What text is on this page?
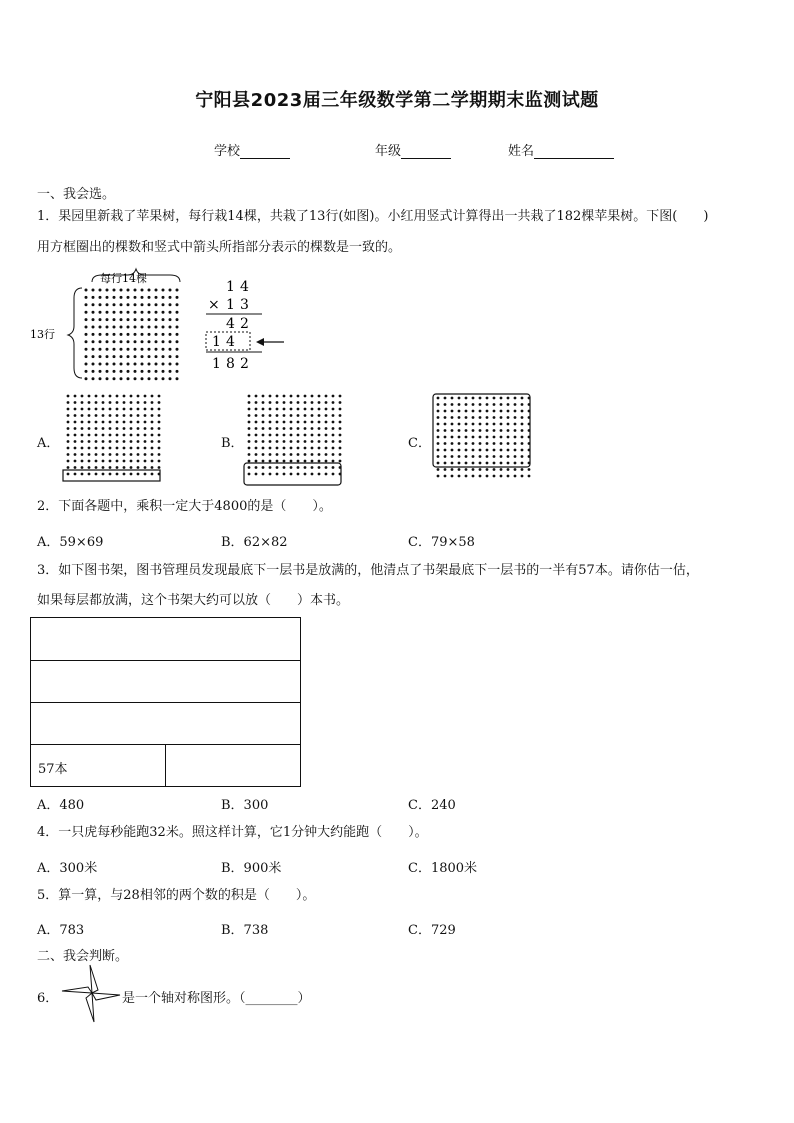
宁阳县2023届三年级数学第二学期期末监测试题
学校	年级	姓名
一、我会选。
1．果园里新栽了苹果树，每行栽14棵，共栽了13行(如图)。小红用竖式计算得出一共栽了182棵苹果树。下图(　　)
用方框圈出的棵数和竖式中箭头所指部分表示的棵数是一致的。
每行14棵
13行
1 4
× 1 3
4 2
1 4
1 8 2
A．	B．	C．
2．下面各题中，乘积一定大于4800的是（　　）。
A．59×69	B．62×82	C．79×58
3．如下图书架，图书管理员发现最底下一层书是放满的，他清点了书架最底下一层书的一半有57本。请你估一估，
如果每层都放满，这个书架大约可以放（　　）本书。
57本
A．480	B．300	C．240
4．一只虎每秒能跑32米。照这样计算，它1分钟大约能跑（　　）。
A．300米	B．900米	C．1800米
5．算一算，与28相邻的两个数的积是（　　）。
A．783	B．738	C．729
二、我会判断。
6．	是一个轴对称图形。（________）
